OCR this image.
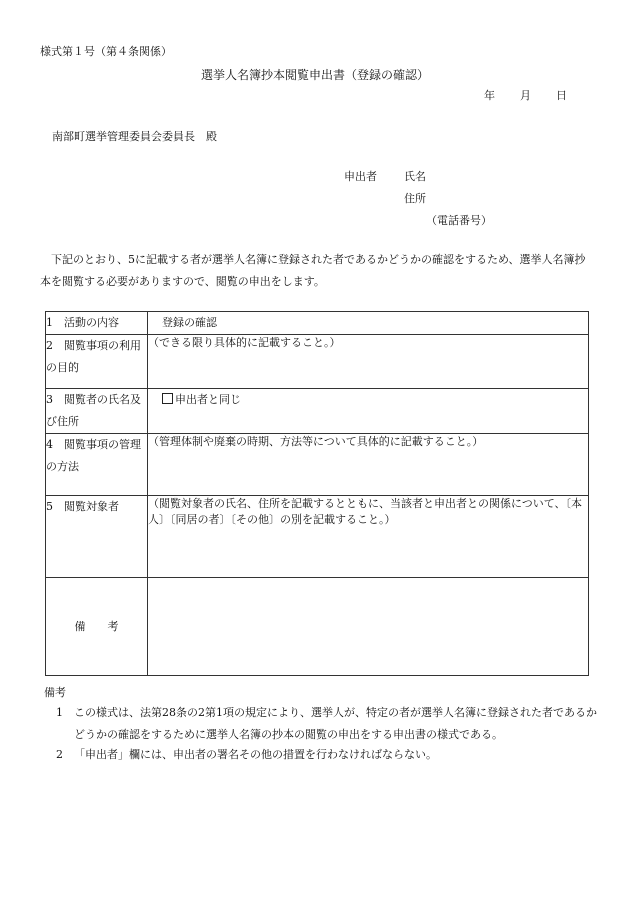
様式第１号（第４条関係）
選挙人名簿抄本閲覧申出書（登録の確認）
年 月 日
南部町選挙管理委員会委員長　殿
申出者 氏名
住所
（電話番号）
下記のとおり、5に記載する者が選挙人名簿に登録された者であるかどうかの確認をするため、選挙人名簿抄本を閲覧する必要がありますので、閲覧の申出をします。
1　活動の内容	登録の確認
2　閲覧事項の利用の目的	（できる限り具体的に記載すること。）
3　閲覧者の氏名及び住所	申出者と同じ
4　閲覧事項の管理の方法	（管理体制や廃棄の時期、方法等について具体的に記載すること。）
5　閲覧対象者	（閲覧対象者の氏名、住所を記載するとともに、当該者と申出者との関係について、〔本人〕〔同居の者〕〔その他〕の別を記載すること。）
備　　考	
備考
1 この様式は、法第28条の2第1項の規定により、選挙人が、特定の者が選挙人名簿に登録された者であるかどうかの確認をするために選挙人名簿の抄本の閲覧の申出をする申出書の様式である。
2 「申出者」欄には、申出者の署名その他の措置を行わなければならない。
